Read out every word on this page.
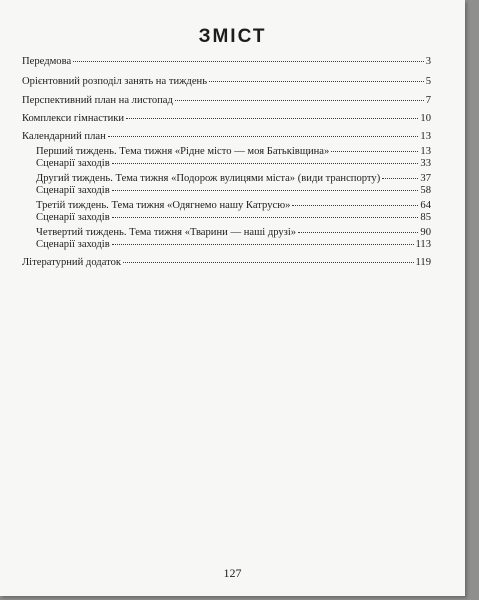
ЗМІСТ
Передмова	3
Орієнтовний розподіл занять на тиждень	5
Перспективний план на листопад	7
Комплекси гімнастики	10
Календарний план	13
Перший тиждень. Тема тижня «Рідне місто — моя Батьківщина»	13
Сценарії заходів	33
Другий тиждень. Тема тижня «Подорож вулицями міста» (види транспорту)	37
Сценарії заходів	58
Третій тиждень. Тема тижня «Одягнемо нашу Катрусю»	64
Сценарії заходів	85
Четвертий тиждень. Тема тижня «Тварини — наші друзі»	90
Сценарії заходів	113
Літературний додаток	119
127
